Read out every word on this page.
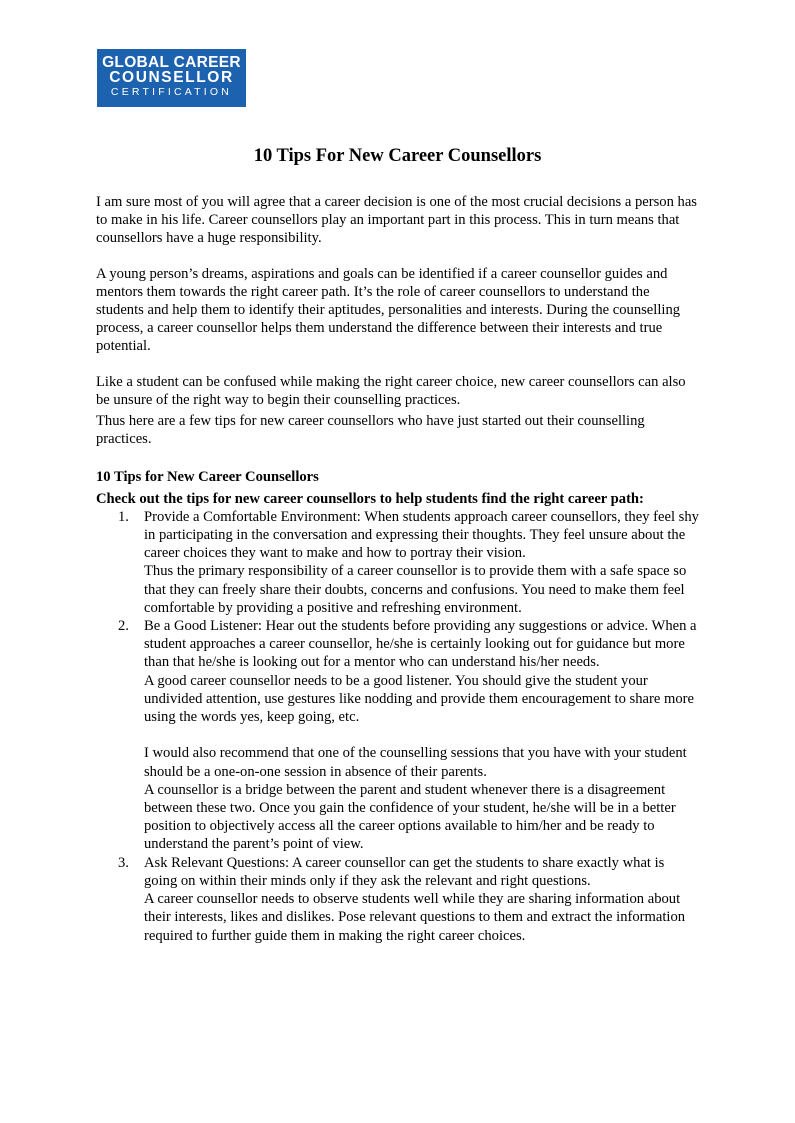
GLOBAL CAREER
COUNSELLOR
CERTIFICATION
10 Tips For New Career Counsellors

I am sure most of you will agree that a career decision is one of the most crucial decisions a person has to make in his life. Career counsellors play an important part in this process. This in turn means that counsellors have a huge responsibility.

A young person’s dreams, aspirations and goals can be identified if a career counsellor guides and mentors them towards the right career path. It’s the role of career counsellors to understand the students and help them to identify their aptitudes, personalities and interests. During the counselling process, a career counsellor helps them understand the difference between their interests and true potential.

Like a student can be confused while making the right career choice, new career counsellors can also be unsure of the right way to begin their counselling practices.

Thus here are a few tips for new career counsellors who have just started out their counselling practices.

10 Tips for New Career Counsellors

Check out the tips for new career counsellors to help students find the right career path:

1. Provide a Comfortable Environment: When students approach career counsellors, they feel shy in participating in the conversation and expressing their thoughts. They feel unsure about the career choices they want to make and how to portray their vision.
Thus the primary responsibility of a career counsellor is to provide them with a safe space so that they can freely share their doubts, concerns and confusions. You need to make them feel comfortable by providing a positive and refreshing environment.
2. Be a Good Listener: Hear out the students before providing any suggestions or advice. When a student approaches a career counsellor, he/she is certainly looking out for guidance but more than that he/she is looking out for a mentor who can understand his/her needs.
A good career counsellor needs to be a good listener. You should give the student your undivided attention, use gestures like nodding and provide them encouragement to share more using the words yes, keep going, etc.
I would also recommend that one of the counselling sessions that you have with your student should be a one-on-one session in absence of their parents.
A counsellor is a bridge between the parent and student whenever there is a disagreement between these two. Once you gain the confidence of your student, he/she will be in a better position to objectively access all the career options available to him/her and be ready to understand the parent’s point of view.
3. Ask Relevant Questions: A career counsellor can get the students to share exactly what is going on within their minds only if they ask the relevant and right questions.
A career counsellor needs to observe students well while they are sharing information about their interests, likes and dislikes. Pose relevant questions to them and extract the information required to further guide them in making the right career choices.
